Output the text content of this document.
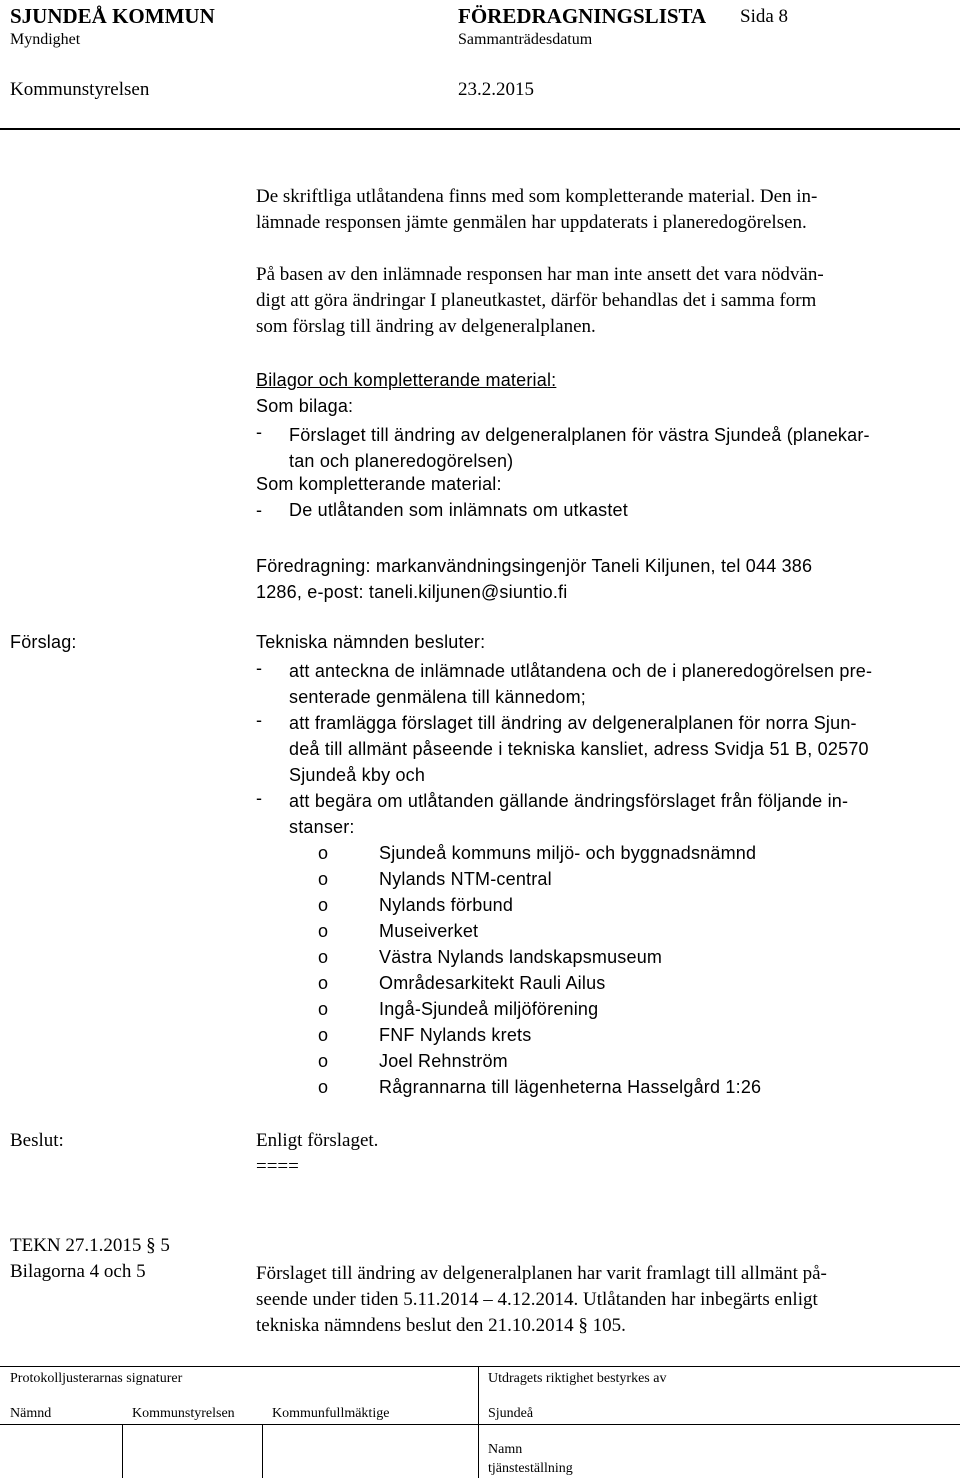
SJUNDEÅ KOMMUN	FÖREDRAGNINGSLISTA Sida 8
Myndighet	Sammanträdesdatum
Kommunstyrelsen	23.2.2015
De skriftliga utlåtandena finns med som kompletterande material. Den in-
lämnade responsen jämte genmälen har uppdaterats i planeredogörelsen.
På basen av den inlämnade responsen har man inte ansett det vara nödvän-
digt att göra ändringar I planeutkastet, därför behandlas det i samma form
som förslag till ändring av delgeneralplanen.
Bilagor och kompletterande material:
Som bilaga:
- Förslaget till ändring av delgeneralplanen för västra Sjundeå (planekar-
tan och planeredogörelsen)
Som kompletterande material:
- De utlåtanden som inlämnats om utkastet
Föredragning: markanvändningsingenjör Taneli Kiljunen, tel 044 386
1286, e-post: taneli.kiljunen@siuntio.fi
Förslag:	Tekniska nämnden besluter:
- att anteckna de inlämnade utlåtandena och de i planeredogörelsen pre-
senterade genmälena till kännedom;
- att framlägga förslaget till ändring av delgeneralplanen för norra Sjun-
deå till allmänt påseende i tekniska kansliet, adress Svidja 51 B, 02570
Sjundeå kby och
- att begära om utlåtanden gällande ändringsförslaget från följande in-
stanser:
o	Sjundeå kommuns miljö- och byggnadsnämnd
o	Nylands NTM-central
o	Nylands förbund
o	Museiverket
o	Västra Nylands landskapsmuseum
o	Områdesarkitekt Rauli Ailus
o	Ingå-Sjundeå miljöförening
o	FNF Nylands krets
o	Joel Rehnström
o	Rågrannarna till lägenheterna Hasselgård 1:26
Beslut:	Enligt förslaget.
====
TEKN 27.1.2015 § 5
Bilagorna 4 och 5	Förslaget till ändring av delgeneralplanen har varit framlagt till allmänt på-
seende under tiden 5.11.2014 – 4.12.2014. Utlåtanden har inbegärts enligt
tekniska nämndens beslut den 21.10.2014 § 105.
Protokolljusterarnas signaturer	Utdragets riktighet bestyrkes av
Nämnd	Kommunstyrelsen	Kommunfullmäktige	Sjundeå
Namn
tjänsteställning
